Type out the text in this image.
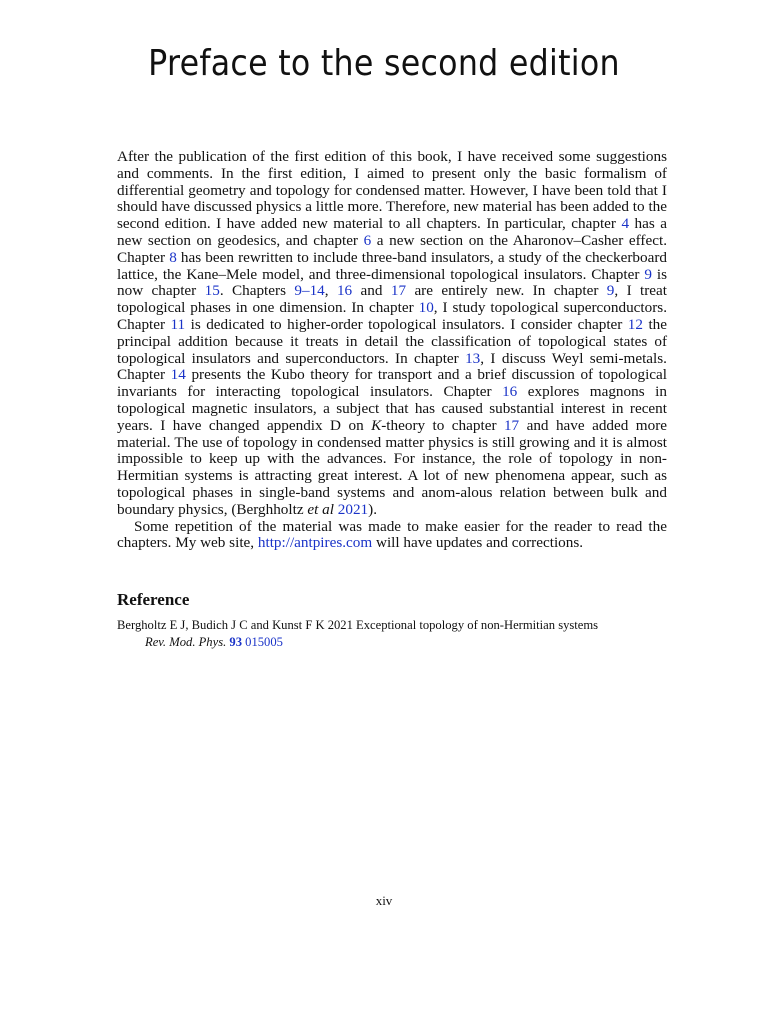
Preface to the second edition

After the publication of the first edition of this book, I have received some suggestions and comments. In the first edition, I aimed to present only the basic formalism of differential geometry and topology for condensed matter. However, I have been told that I should have discussed physics a little more. Therefore, new material has been added to the second edition. I have added new material to all chapters. In particular, chapter 4 has a new section on geodesics, and chapter 6 a new section on the Aharonov–Casher effect. Chapter 8 has been rewritten to include three-band insulators, a study of the checkerboard lattice, the Kane–Mele model, and three-dimensional topological insulators. Chapter 9 is now chapter 15. Chapters 9–14, 16 and 17 are entirely new. In chapter 9, I treat topological phases in one dimension. In chapter 10, I study topological superconductors. Chapter 11 is dedicated to higher-order topological insulators. I consider chapter 12 the principal addition because it treats in detail the classification of topological states of topological insulators and superconductors. In chapter 13, I discuss Weyl semi-metals. Chapter 14 presents the Kubo theory for transport and a brief discussion of topological invariants for interacting topological insulators. Chapter 16 explores magnons in topological magnetic insulators, a subject that has caused substantial interest in recent years. I have changed appendix D on K-theory to chapter 17 and have added more material. The use of topology in condensed matter physics is still growing and it is almost impossible to keep up with the advances. For instance, the role of topology in non-Hermitian systems is attracting great interest. A lot of new phenomena appear, such as topological phases in single-band systems and anom-alous relation between bulk and boundary physics, (Berghholtz et al 2021).

Some repetition of the material was made to make easier for the reader to read the chapters. My web site, http://antpires.com will have updates and corrections.

Reference
Bergholtz E J, Budich J C and Kunst F K 2021 Exceptional topology of non-Hermitian systems
Rev. Mod. Phys. 93 015005
xiv
